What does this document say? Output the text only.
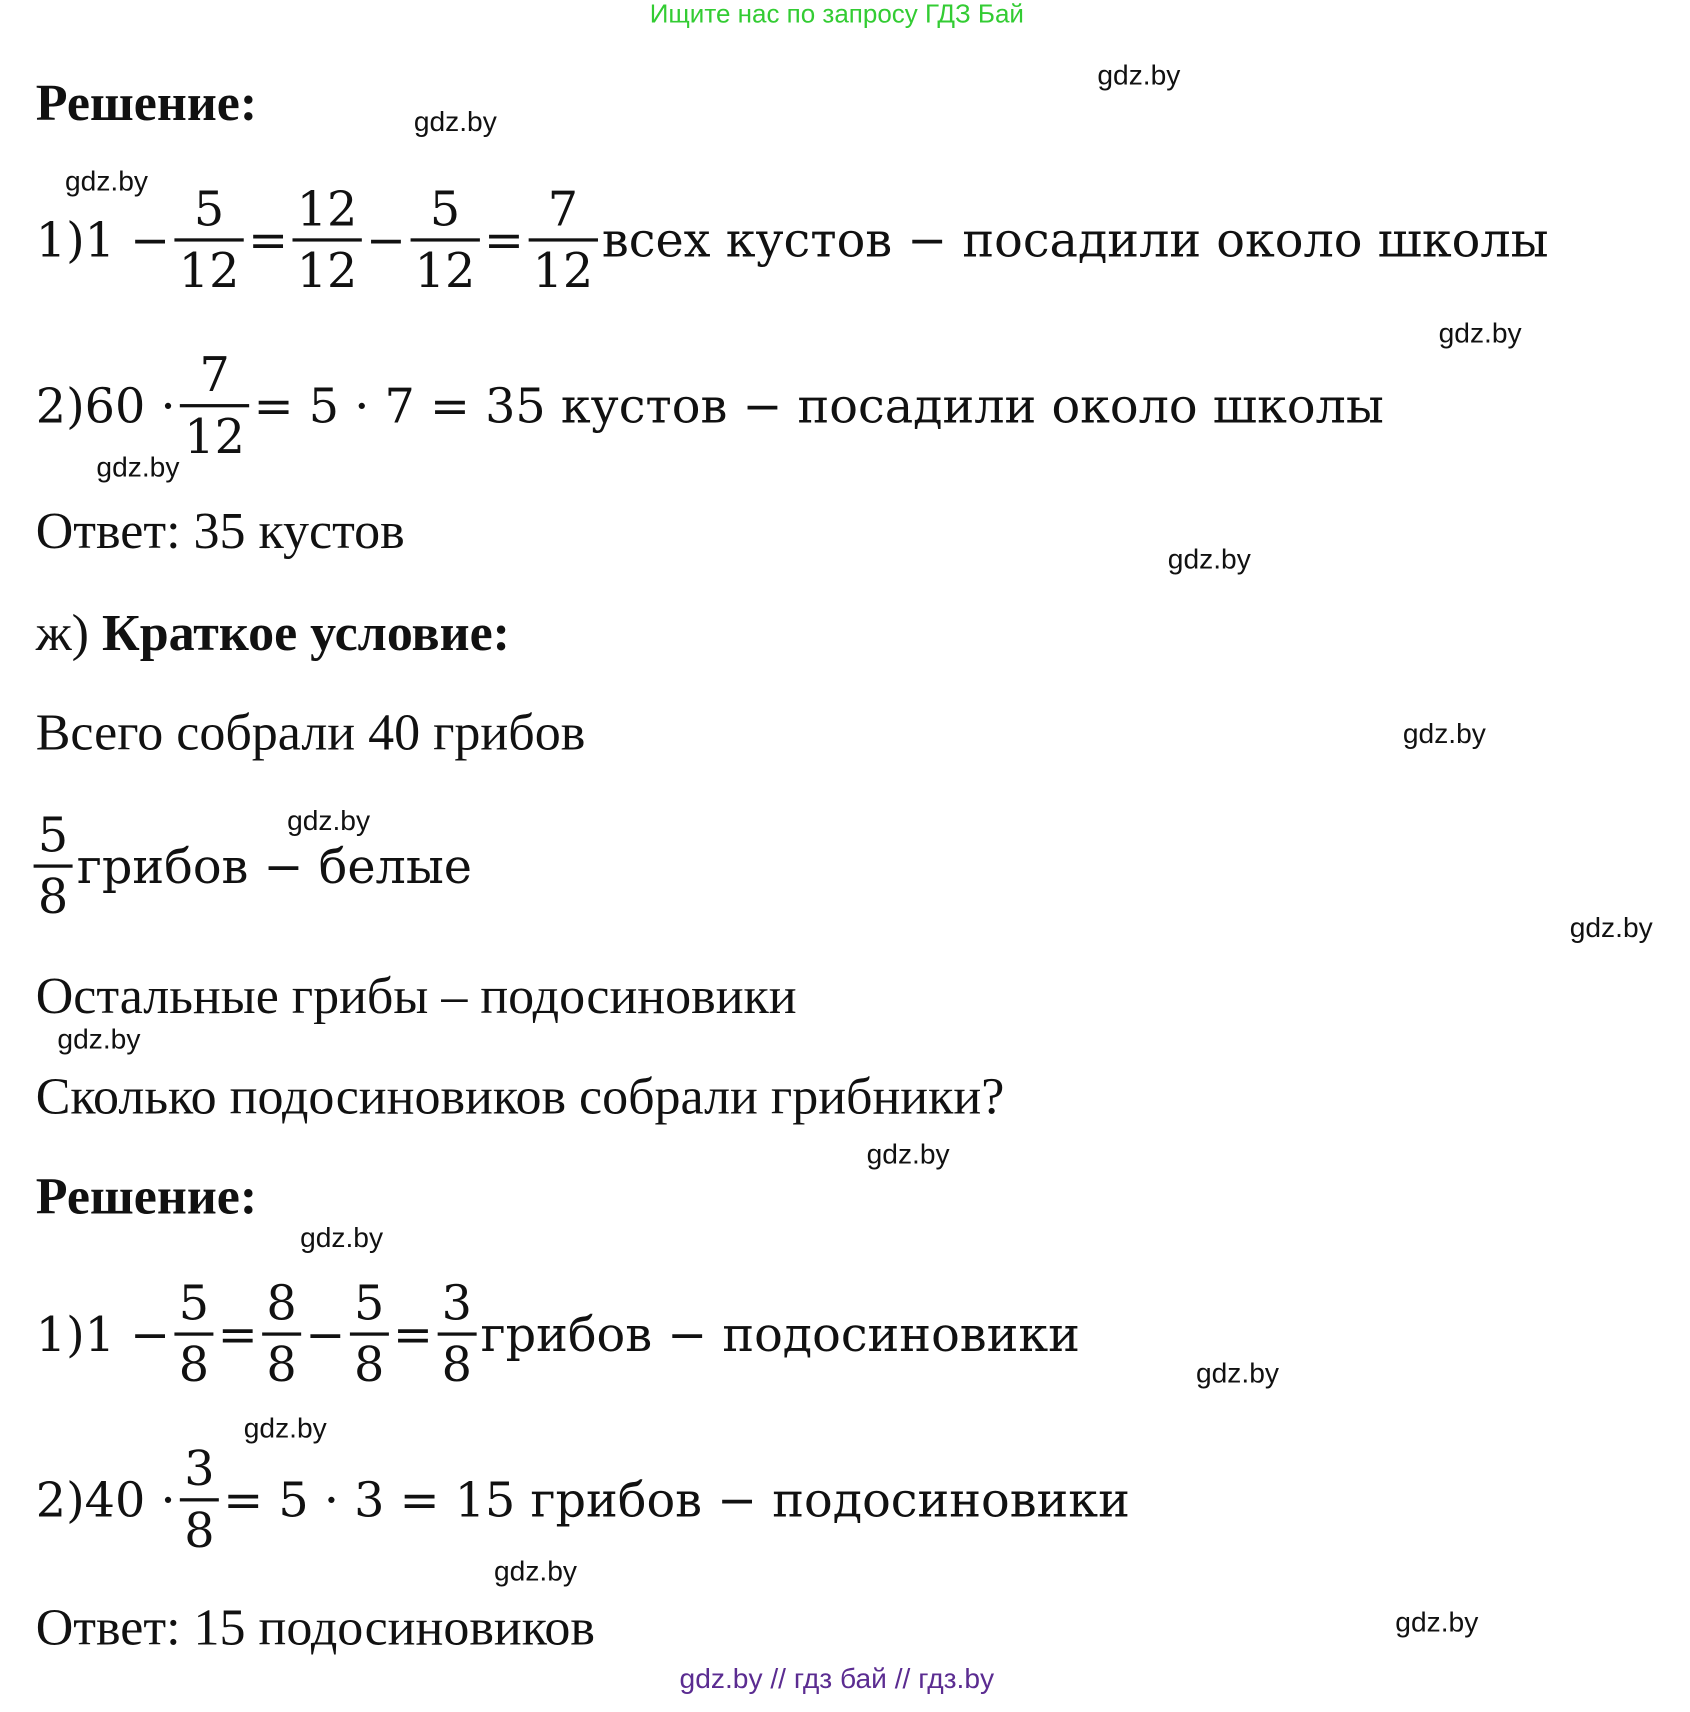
Ищите нас по запросу ГДЗ Бай
Решение:
$1)1 - \frac{5}{12} = \frac{12}{12} - \frac{5}{12} = \frac{7}{12}$ всех кустов − посадили около школы
$2)60 \cdot \frac{7}{12} = 5 \cdot 7 = 35$ кустов − посадили около школы
Ответ: 35 кустов
ж) Краткое условие:
Всего собрали 40 грибов
$\frac{5}{8}$ грибов − белые
Остальные грибы – подосиновики
Сколько подосиновиков собрали грибники?
Решение:
$1)1 - \frac{5}{8} = \frac{8}{8} - \frac{5}{8} = \frac{3}{8}$ грибов − подосиновики
$2)40 \cdot \frac{3}{8} = 5 \cdot 3 = 15$ грибов − подосиновики
Ответ: 15 подосиновиков
gdz.by
gdz.by
gdz.by
gdz.by
gdz.by
gdz.by
gdz.by
gdz.by
gdz.by
gdz.by
gdz.by
gdz.by
gdz.by
gdz.by
gdz.by
gdz.by
gdz.by // гдз бай // гдз.by
